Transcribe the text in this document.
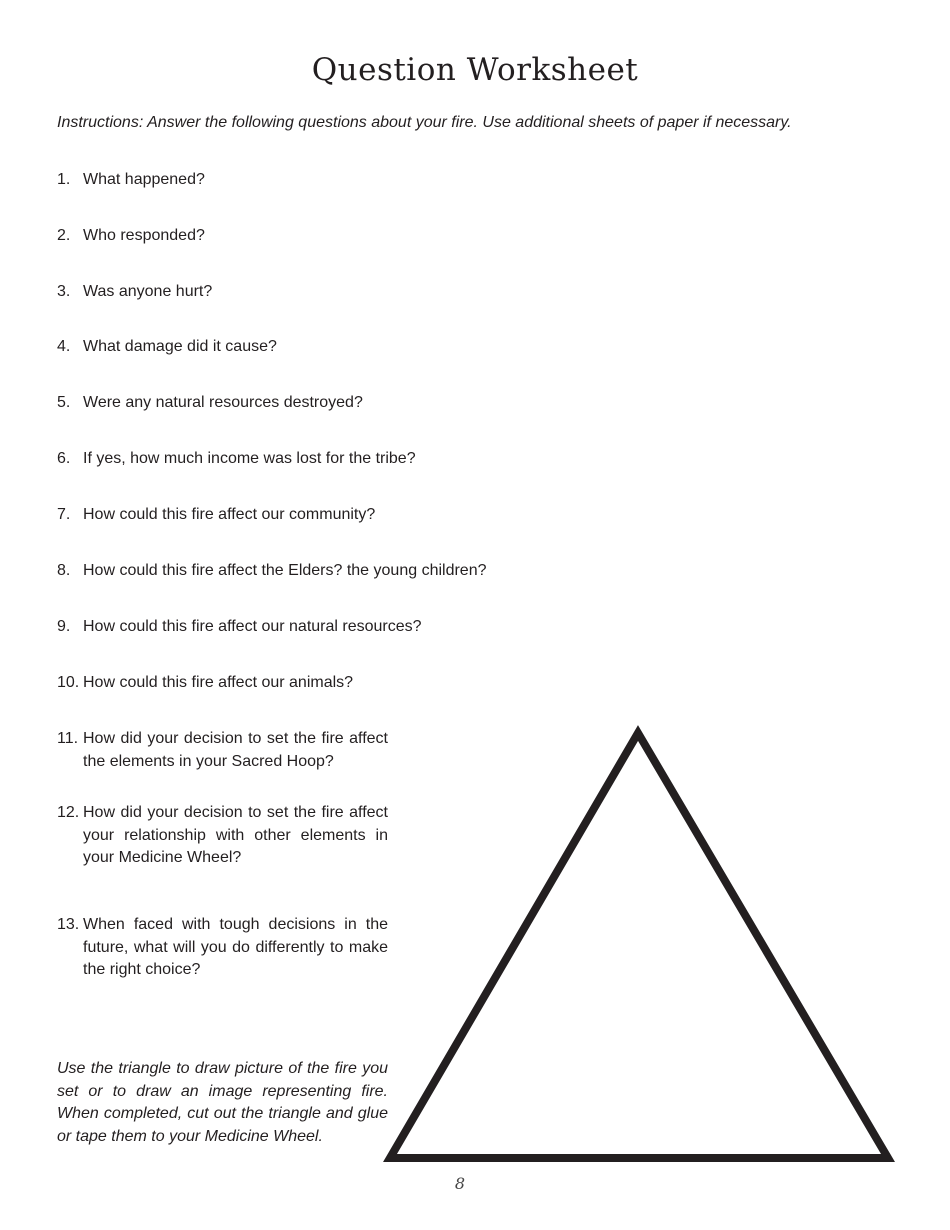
Question Worksheet

Instructions: Answer the following questions about your fire. Use additional sheets of paper if necessary.

1. What happened?
2. Who responded?
3. Was anyone hurt?
4. What damage did it cause?
5. Were any natural resources destroyed?
6. If yes, how much income was lost for the tribe?
7. How could this fire affect our community?
8. How could this fire affect the Elders? the young children?
9. How could this fire affect our natural resources?
10. How could this fire affect our animals?
11. How did your decision to set the fire affect the elements in your Sacred Hoop?
12. How did your decision to set the fire affect your relationship with other elements in your Medicine Wheel?
13. When faced with tough decisions in the future, what will you do differently to make the right choice?

Use the triangle to draw picture of the fire you set or to draw an image representing fire. When completed, cut out the triangle and glue or tape them to your Medicine Wheel.

8
